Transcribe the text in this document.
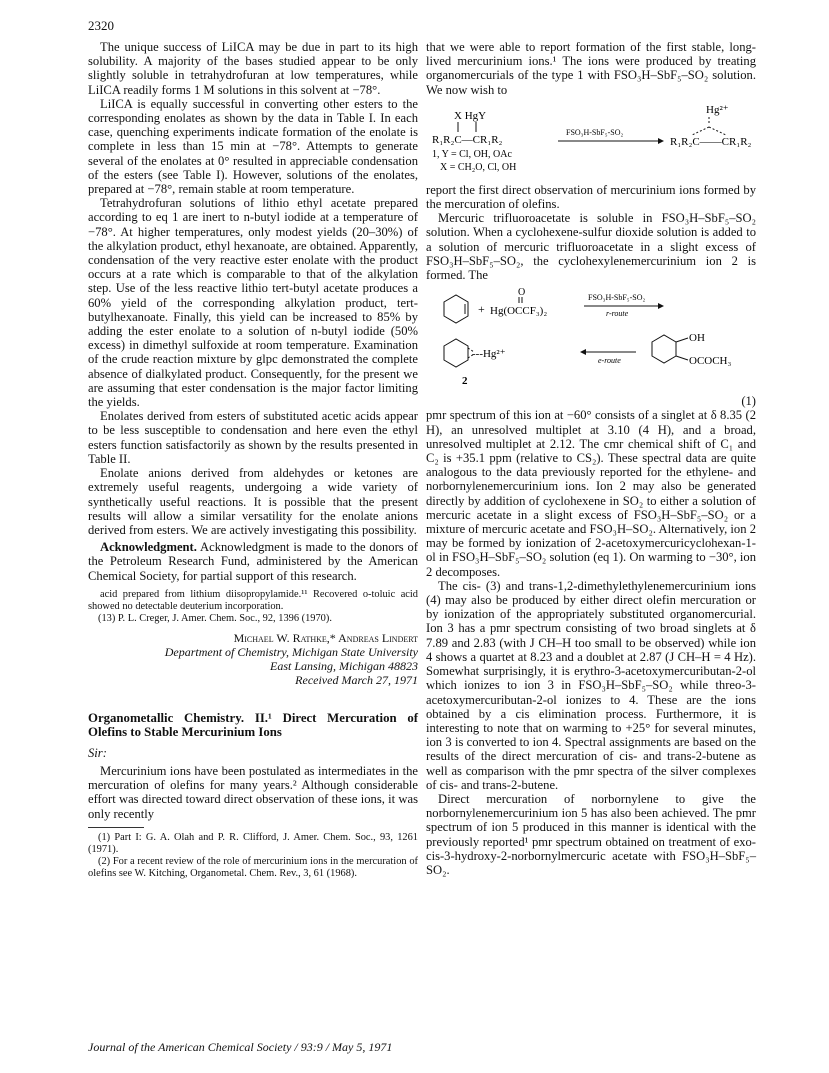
2320

The unique success of LiICA may be due in part to its high solubility. A majority of the bases studied appear to be only slightly soluble in tetrahydrofuran at low temperatures, while LiICA readily forms 1 M solutions in this solvent at −78°.

LiICA is equally successful in converting other esters to the corresponding enolates as shown by the data in Table I. In each case, quenching experiments indicate formation of the enolate is complete in less than 15 min at −78°. Attempts to generate several of the enolates at 0° resulted in appreciable condensation of the esters (see Table I). However, solutions of the enolates, prepared at −78°, remain stable at room temperature.

Tetrahydrofuran solutions of lithio ethyl acetate prepared according to eq 1 are inert to n-butyl iodide at a temperature of −78°. At higher temperatures, only modest yields (20–30%) of the alkylation product, ethyl hexanoate, are obtained. Apparently, condensation of the very reactive ester enolate with the product occurs at a rate which is comparable to that of the alkylation step. Use of the less reactive lithio tert-butyl acetate produces a 60% yield of the corresponding alkylation product, tert-butylhexanoate. Finally, this yield can be increased to 85% by adding the ester enolate to a solution of n-butyl iodide (50% excess) in dimethyl sulfoxide at room temperature. Examination of the crude reaction mixture by glpc demonstrated the complete absence of dialkylated product. Consequently, for the present we are assuming that ester condensation is the major factor limiting the yields.

Enolates derived from esters of substituted acetic acids appear to be less susceptible to condensation and here even the ethyl esters function satisfactorily as shown by the results presented in Table II.

Enolate anions derived from aldehydes or ketones are extremely useful reagents, undergoing a wide variety of synthetically useful reactions. It is possible that the present results will allow a similar versatility for the enolate anions derived from esters. We are actively investigating this possibility.

Acknowledgment. Acknowledgment is made to the donors of the Petroleum Research Fund, administered by the American Chemical Society, for partial support of this research.

acid prepared from lithium diisopropylamide.¹¹ Recovered o-toluic acid showed no detectable deuterium incorporation.

(13) P. L. Creger, J. Amer. Chem. Soc., 92, 1396 (1970).

Michael W. Rathke,* Andreas Lindert
Department of Chemistry, Michigan State University
East Lansing, Michigan 48823
Received March 27, 1971
Organometallic Chemistry. II.¹ Direct Mercuration of Olefins to Stable Mercurinium Ions
Sir:

Mercurinium ions have been postulated as intermediates in the mercuration of olefins for many years.² Although considerable effort was directed toward direct observation of these ions, it was only recently

(1) Part I: G. A. Olah and P. R. Clifford, J. Amer. Chem. Soc., 93, 1261 (1971).

(2) For a recent review of the role of mercurinium ions in the mercuration of olefins see W. Kitching, Organometal. Chem. Rev., 3, 61 (1968).

that we were able to report formation of the first stable, long-lived mercurinium ions.¹ The ions were produced by treating organomercurials of the type 1 with FSO₃H–SbF₅–SO₂ solution. We now wish to

X HgY
R₁R₂C—CR₁R₂
1, Y = Cl, OH, OAc
X = CH₂O, Cl, OH
FSO₃H-SbF₅-SO₂
Hg²⁺
R₁R₂C——CR₁R₂

report the first direct observation of mercurinium ions formed by the mercuration of olefins.

Mercuric trifluoroacetate is soluble in FSO₃H–SbF₅–SO₂ solution. When a cyclohexene-sulfur dioxide solution is added to a solution of mercuric trifluoroacetate in a slight excess of FSO₃H–SbF₅–SO₂, the cyclohexylenemercurinium ion 2 is formed. The

+
O
Hg(OCCF₃)₂
FSO₃H-SbF₅-SO₂
r-route
---Hg²⁺
2
e-route
OH
OCOCH₃
(1)

pmr spectrum of this ion at −60° consists of a singlet at δ 8.35 (2 H), an unresolved multiplet at 3.10 (4 H), and a broad, unresolved multiplet at 2.12. The cmr chemical shift of C₁ and C₂ is +35.1 ppm (relative to CS₂). These spectral data are quite analogous to the data previously reported for the ethylene- and norbornylenemercurinium ions. Ion 2 may also be generated directly by addition of cyclohexene in SO₂ to either a solution of mercuric acetate in a slight excess of FSO₃H–SbF₅–SO₂ or a mixture of mercuric acetate and FSO₃H–SO₂. Alternatively, ion 2 may be formed by ionization of 2-acetoxymercuricyclohexan-1-ol in FSO₃H–SbF₅–SO₂ solution (eq 1). On warming to −30°, ion 2 decomposes.

The cis- (3) and trans-1,2-dimethylethylenemercurinium ions (4) may also be produced by either direct olefin mercuration or by ionization of the appropriately substituted organomercurial. Ion 3 has a pmr spectrum consisting of two broad singlets at δ 7.89 and 2.83 (with J CH–H too small to be observed) while ion 4 shows a quartet at 8.23 and a doublet at 2.87 (J CH–H = 4 Hz). Somewhat surprisingly, it is erythro-3-acetoxymercuributan-2-ol which ionizes to ion 3 in FSO₃H–SbF₅–SO₂ while threo-3-acetoxymercuributan-2-ol ionizes to 4. These are the ions obtained by a cis elimination process. Furthermore, it is interesting to note that on warming to +25° for several minutes, ion 3 is converted to ion 4. Spectral assignments are based on the results of the direct mercuration of cis- and trans-2-butene as well as comparison with the pmr spectra of the silver complexes of cis- and trans-2-butene.

Direct mercuration of norbornylene to give the norbornylenemercurinium ion 5 has also been achieved. The pmr spectrum of ion 5 produced in this manner is identical with the previously reported¹ pmr spectrum obtained on treatment of exo-cis-3-hydroxy-2-norbornylmercuric acetate with FSO₃H–SbF₅–SO₂.

Journal of the American Chemical Society / 93:9 / May 5, 1971
